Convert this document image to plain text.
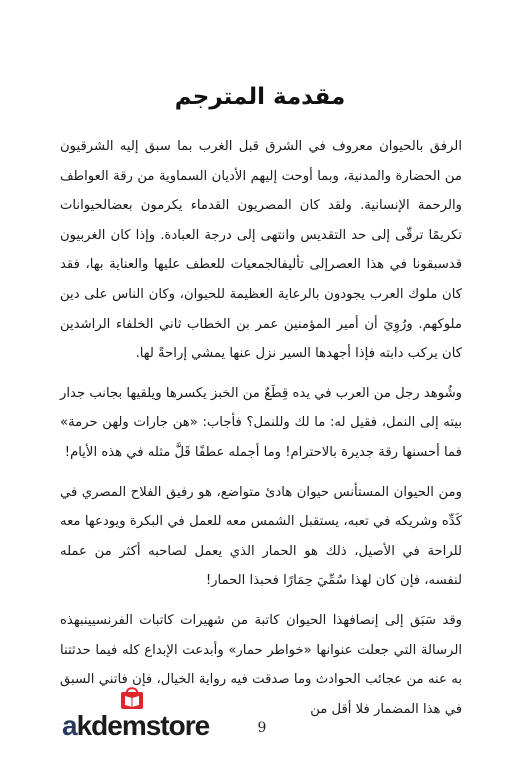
مقدمة المترجم

الرفق بالحيوان معروف في الشرق قبل الغرب بما سبق إليه الشرقيون من الحضارة والمدنية، وبما أوحت إليهم الأديان السماوية من رقة العواطف والرحمة الإنسانية. ولقد كان المصريون القدماء يكرمون بعضالحيوانات تكريمًا ترقّى إلى حد التقديس وانتهى إلى درجة العبادة. وإذا كان الغربيون قدسبقونا في هذا العصرإلى تأليفالجمعيات للعطف عليها والعناية بها، فقد كان ملوك العرب يجودون بالرعاية العظيمة للحيوان، وكان الناس على دين ملوكهم. ورُوِيَ أن أمير المؤمنين عمر بن الخطاب ثاني الخلفاء الراشدين كان يركب دابته فإذا أجهدها السير نزل عنها يمشي إراحةً لها.

وشُوهد رجل من العرب في يده قِطَعٌ من الخبز يكسرها ويلقيها بجانب جدار بيته إلى النمل، فقيل له: ما لك وللنمل؟ فأجاب: «هن جارات ولهن حرمة» فما أحسنها رقة جديرة بالاحترام! وما أجمله عطفًا قَلَّ مثله في هذه الأيام!

ومن الحيوان المستأنس حيوان هادئ متواضع، هو رفيق الفلاح المصري في كَدِّه وشريكه في تعبه، يستقبل الشمس معه للعمل في البكرة ويودعها معه للراحة في الأصيل، ذلك هو الحمار الذي يعمل لصاحبه أكثر من عمله لنفسه، فإن كان لهذا سُمِّيَ حِمَارًا فحبذا الحمار!

وقد سَبَق إلى إنصافهذا الحيوان كاتبة من شهيرات كاتبات الفرنسيينبهذه الرسالة التي جعلت عنوانها «خواطر حمار» وأبدعت الإبداع كله فيما حدثتنا به عنه من عجائب الحوادث وما صدقت فيه رواية الخيال، فإن فاتني السبق في هذا المضمار فلا أقل من

akdemstore	9
